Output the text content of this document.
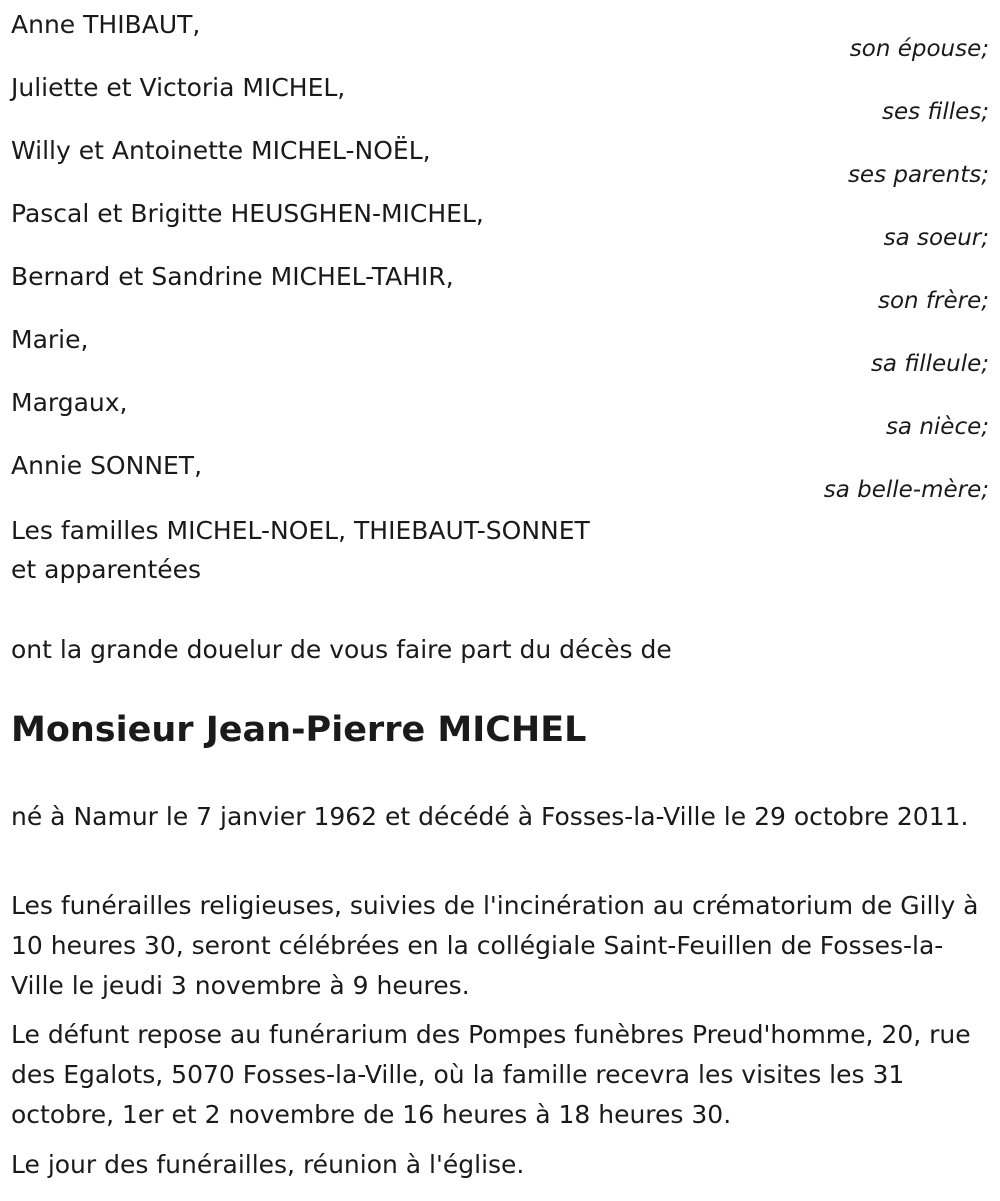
Anne THIBAUT,
son épouse;
Juliette et Victoria MICHEL,
ses filles;
Willy et Antoinette MICHEL-NOËL,
ses parents;
Pascal et Brigitte HEUSGHEN-MICHEL,
sa soeur;
Bernard et Sandrine MICHEL-TAHIR,
son frère;
Marie,
sa filleule;
Margaux,
sa nièce;
Annie SONNET,
sa belle-mère;
Les familles MICHEL-NOEL, THIEBAUT-SONNET
et apparentées
ont la grande douelur de vous faire part du décès de
Monsieur Jean-Pierre MICHEL

né à Namur le 7 janvier 1962 et décédé à Fosses-la-Ville le 29 octobre 2011.

Les funérailles religieuses, suivies de l'incinération au crématorium de Gilly à 10 heures 30, seront célébrées en la collégiale Saint-Feuillen de Fosses-la-Ville le jeudi 3 novembre à 9 heures.

Le défunt repose au funérarium des Pompes funèbres Preud'homme, 20, rue des Egalots, 5070 Fosses-la-Ville, où la famille recevra les visites les 31 octobre, 1er et 2 novembre de 16 heures à 18 heures 30.

Le jour des funérailles, réunion à l'église.
